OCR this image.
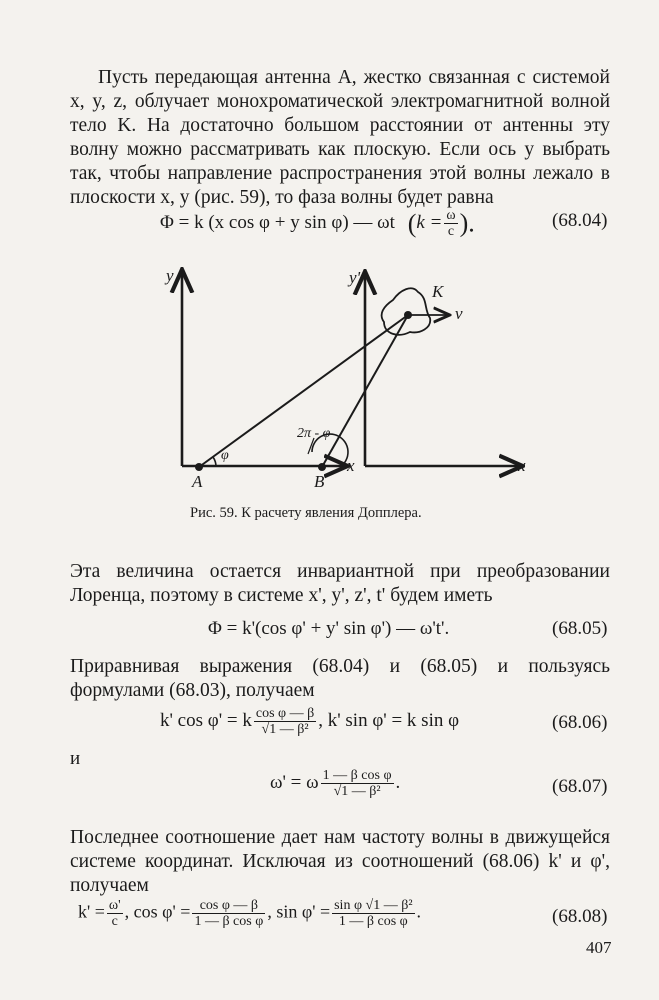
Пусть передающая антенна A, жестко связанная с системой x, y, z, облучает монохроматической электромагнитной волной тело K. На достаточно большом расстоянии от антенны эту волну можно рассматривать как плоскую. Если ось y выбрать так, чтобы направление распространения этой волны лежало в плоскости x, y (рис. 59), то фаза волны будет равна
Φ = k (x cos φ + y sin φ) — ωt ($k = \frac{\omega}{c}$ ).	(68.04)
y	y'
K
v
φ
2π - φ
x	x
A	B
Рис. 59. К расчету явления Допплера.
Эта величина остается инвариантной при преобразовании Лоренца, поэтому в системе x', y', z', t' будем иметь
Φ = k'(cos φ' + y' sin φ') — ω't'.	(68.05)
Приравнивая выражения (68.04) и (68.05) и пользуясь формулами (68.03), получаем
k' cos φ' = k $\frac{\text{cos φ — β}}{\text{√1 — β²}}$ , k' sin φ' = k sin φ	(68.06)
и
ω' = ω $\frac{\text{1 — β cos φ}}{\text{√1 — β²}}$ .	(68.07)
Последнее соотношение дает нам частоту волны в движущейся системе координат. Исключая из соотношений (68.06) k' и φ', получаем
$k' = \frac{\omega'}{c}$ , $\cos \varphi' = \frac{\text{cos φ — β}}{\text{1 — β cos φ}}$ , $\sin \varphi' = \frac{\text{sin φ √1 — β²}}{\text{1 — β cos φ}}$ .	(68.08)
407
